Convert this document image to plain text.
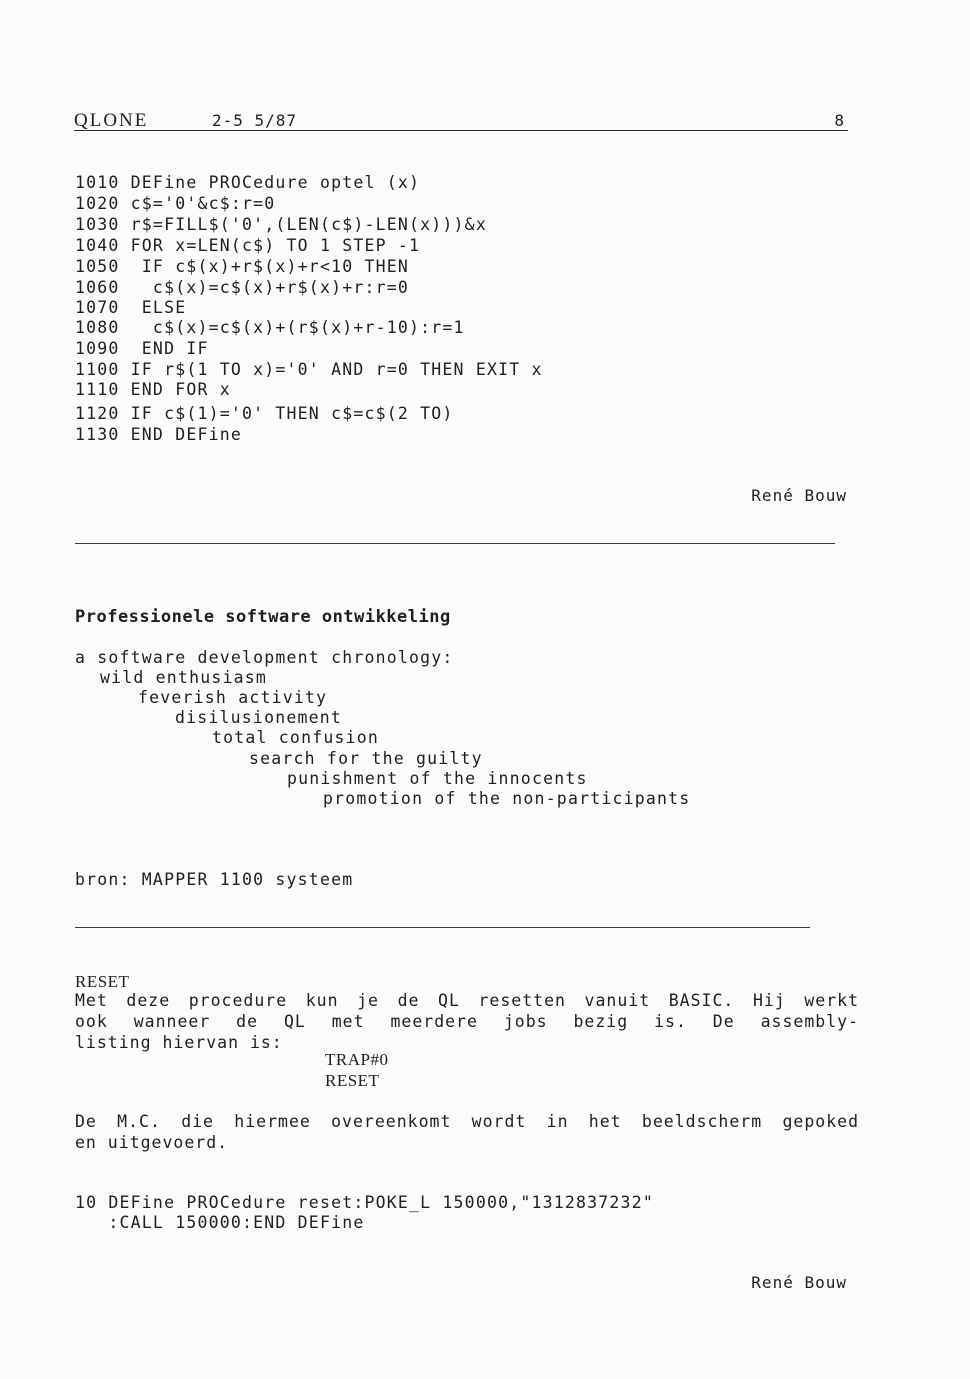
QLONE	2-5 5/87	8
1010 DEFine PROCedure optel (x)
1020 c$='0'&c$:r=0
1030 r$=FILL$('0',(LEN(c$)-LEN(x)))&x
1040 FOR x=LEN(c$) TO 1 STEP -1
1050  IF c$(x)+r$(x)+r<10 THEN
1060   c$(x)=c$(x)+r$(x)+r:r=0
1070  ELSE
1080   c$(x)=c$(x)+(r$(x)+r-10):r=1
1090  END IF
1100 IF r$(1 TO x)='0' AND r=0 THEN EXIT x
1110 END FOR x
1120 IF c$(1)='0' THEN c$=c$(2 TO)
1130 END DEFine
René Bouw
Professionele software ontwikkeling
a software development chronology:
wild enthusiasm
feverish activity
disilusionement
total confusion
search for the guilty
punishment of the innocents
promotion of the non-participants
bron: MAPPER 1100 systeem
RESET
Met deze procedure kun je de QL resetten vanuit BASIC. Hij werkt
ook wanneer de QL met meerdere jobs bezig is. De assembly-
listing hiervan is:
TRAP#0
RESET
De M.C. die hiermee overeenkomt wordt in het beeldscherm gepoked
en uitgevoerd.
10 DEFine PROCedure reset:POKE_L 150000,"1312837232"
:CALL 150000:END DEFine
René Bouw
